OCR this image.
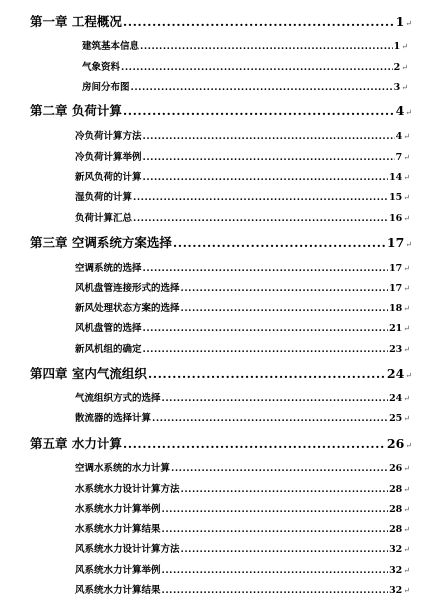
第一章 工程概况 .....	1 ↵
建筑基本信息 .....	1 ↵
气象资料 .....	2 ↵
房间分布图 .....	3 ↵
第二章 负荷计算 .....	4 ↵
冷负荷计算方法 .....	4 ↵
冷负荷计算举例 .....	7 ↵
新风负荷的计算 .....	14 ↵
湿负荷的计算 .....	15 ↵
负荷计算汇总 .....	16 ↵
第三章 空调系统方案选择 .....	17 ↵
空调系统的选择 .....	17 ↵
风机盘管连接形式的选择 .....	17 ↵
新风处理状态方案的选择 .....	18 ↵
风机盘管的选择 .....	21 ↵
新风机组的确定 .....	23 ↵
第四章 室内气流组织 .....	24 ↵
气流组织方式的选择 .....	24 ↵
散流器的选择计算 .....	25 ↵
第五章 水力计算 .....	26 ↵
空调水系统的水力计算 .....	26 ↵
水系统水力设计计算方法 .....	28 ↵
水系统水力计算举例 .....	28 ↵
水系统水力计算结果 .....	28 ↵
风系统水力设计计算方法 .....	32 ↵
风系统水力计算举例 .....	32 ↵
风系统水力计算结果 .....	32 ↵
